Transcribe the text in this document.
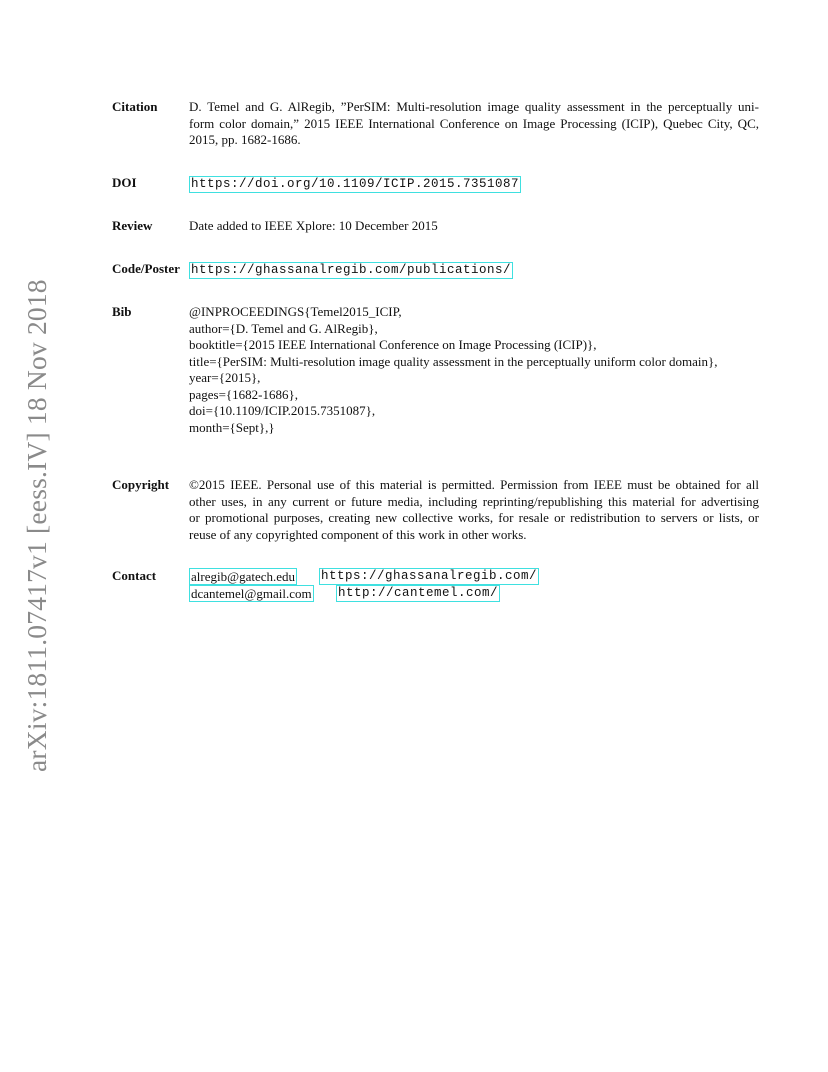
arXiv:1811.07417v1 [eess.IV] 18 Nov 2018
Citation D. Temel and G. AlRegib, ”PerSIM: Multi-resolution image quality assessment in the perceptually uni-
form color domain,” 2015 IEEE International Conference on Image Processing (ICIP), Quebec City, QC,
2015, pp. 1682-1686.
DOI	https://doi.org/10.1109/ICIP.2015.7351087
Review	Date added to IEEE Xplore: 10 December 2015
Code/Poster https://ghassanalregib.com/publications/
Bib	@INPROCEEDINGS{Temel2015_ICIP,
author={D. Temel and G. AlRegib},
booktitle={2015 IEEE International Conference on Image Processing (ICIP)},
title={PerSIM: Multi-resolution image quality assessment in the perceptually uniform color domain},
year={2015},
pages={1682-1686},
doi={10.1109/ICIP.2015.7351087},
month={Sept},}
Copyright ©2015 IEEE. Personal use of this material is permitted. Permission from IEEE must be obtained for all
other uses, in any current or future media, including reprinting/republishing this material for advertising
or promotional purposes, creating new collective works, for resale or redistribution to servers or lists, or
reuse of any copyrighted component of this work in other works.
Contact	alregib@gatech.edu https://ghassanalregib.com/
dcantemel@gmail.com http://cantemel.com/
